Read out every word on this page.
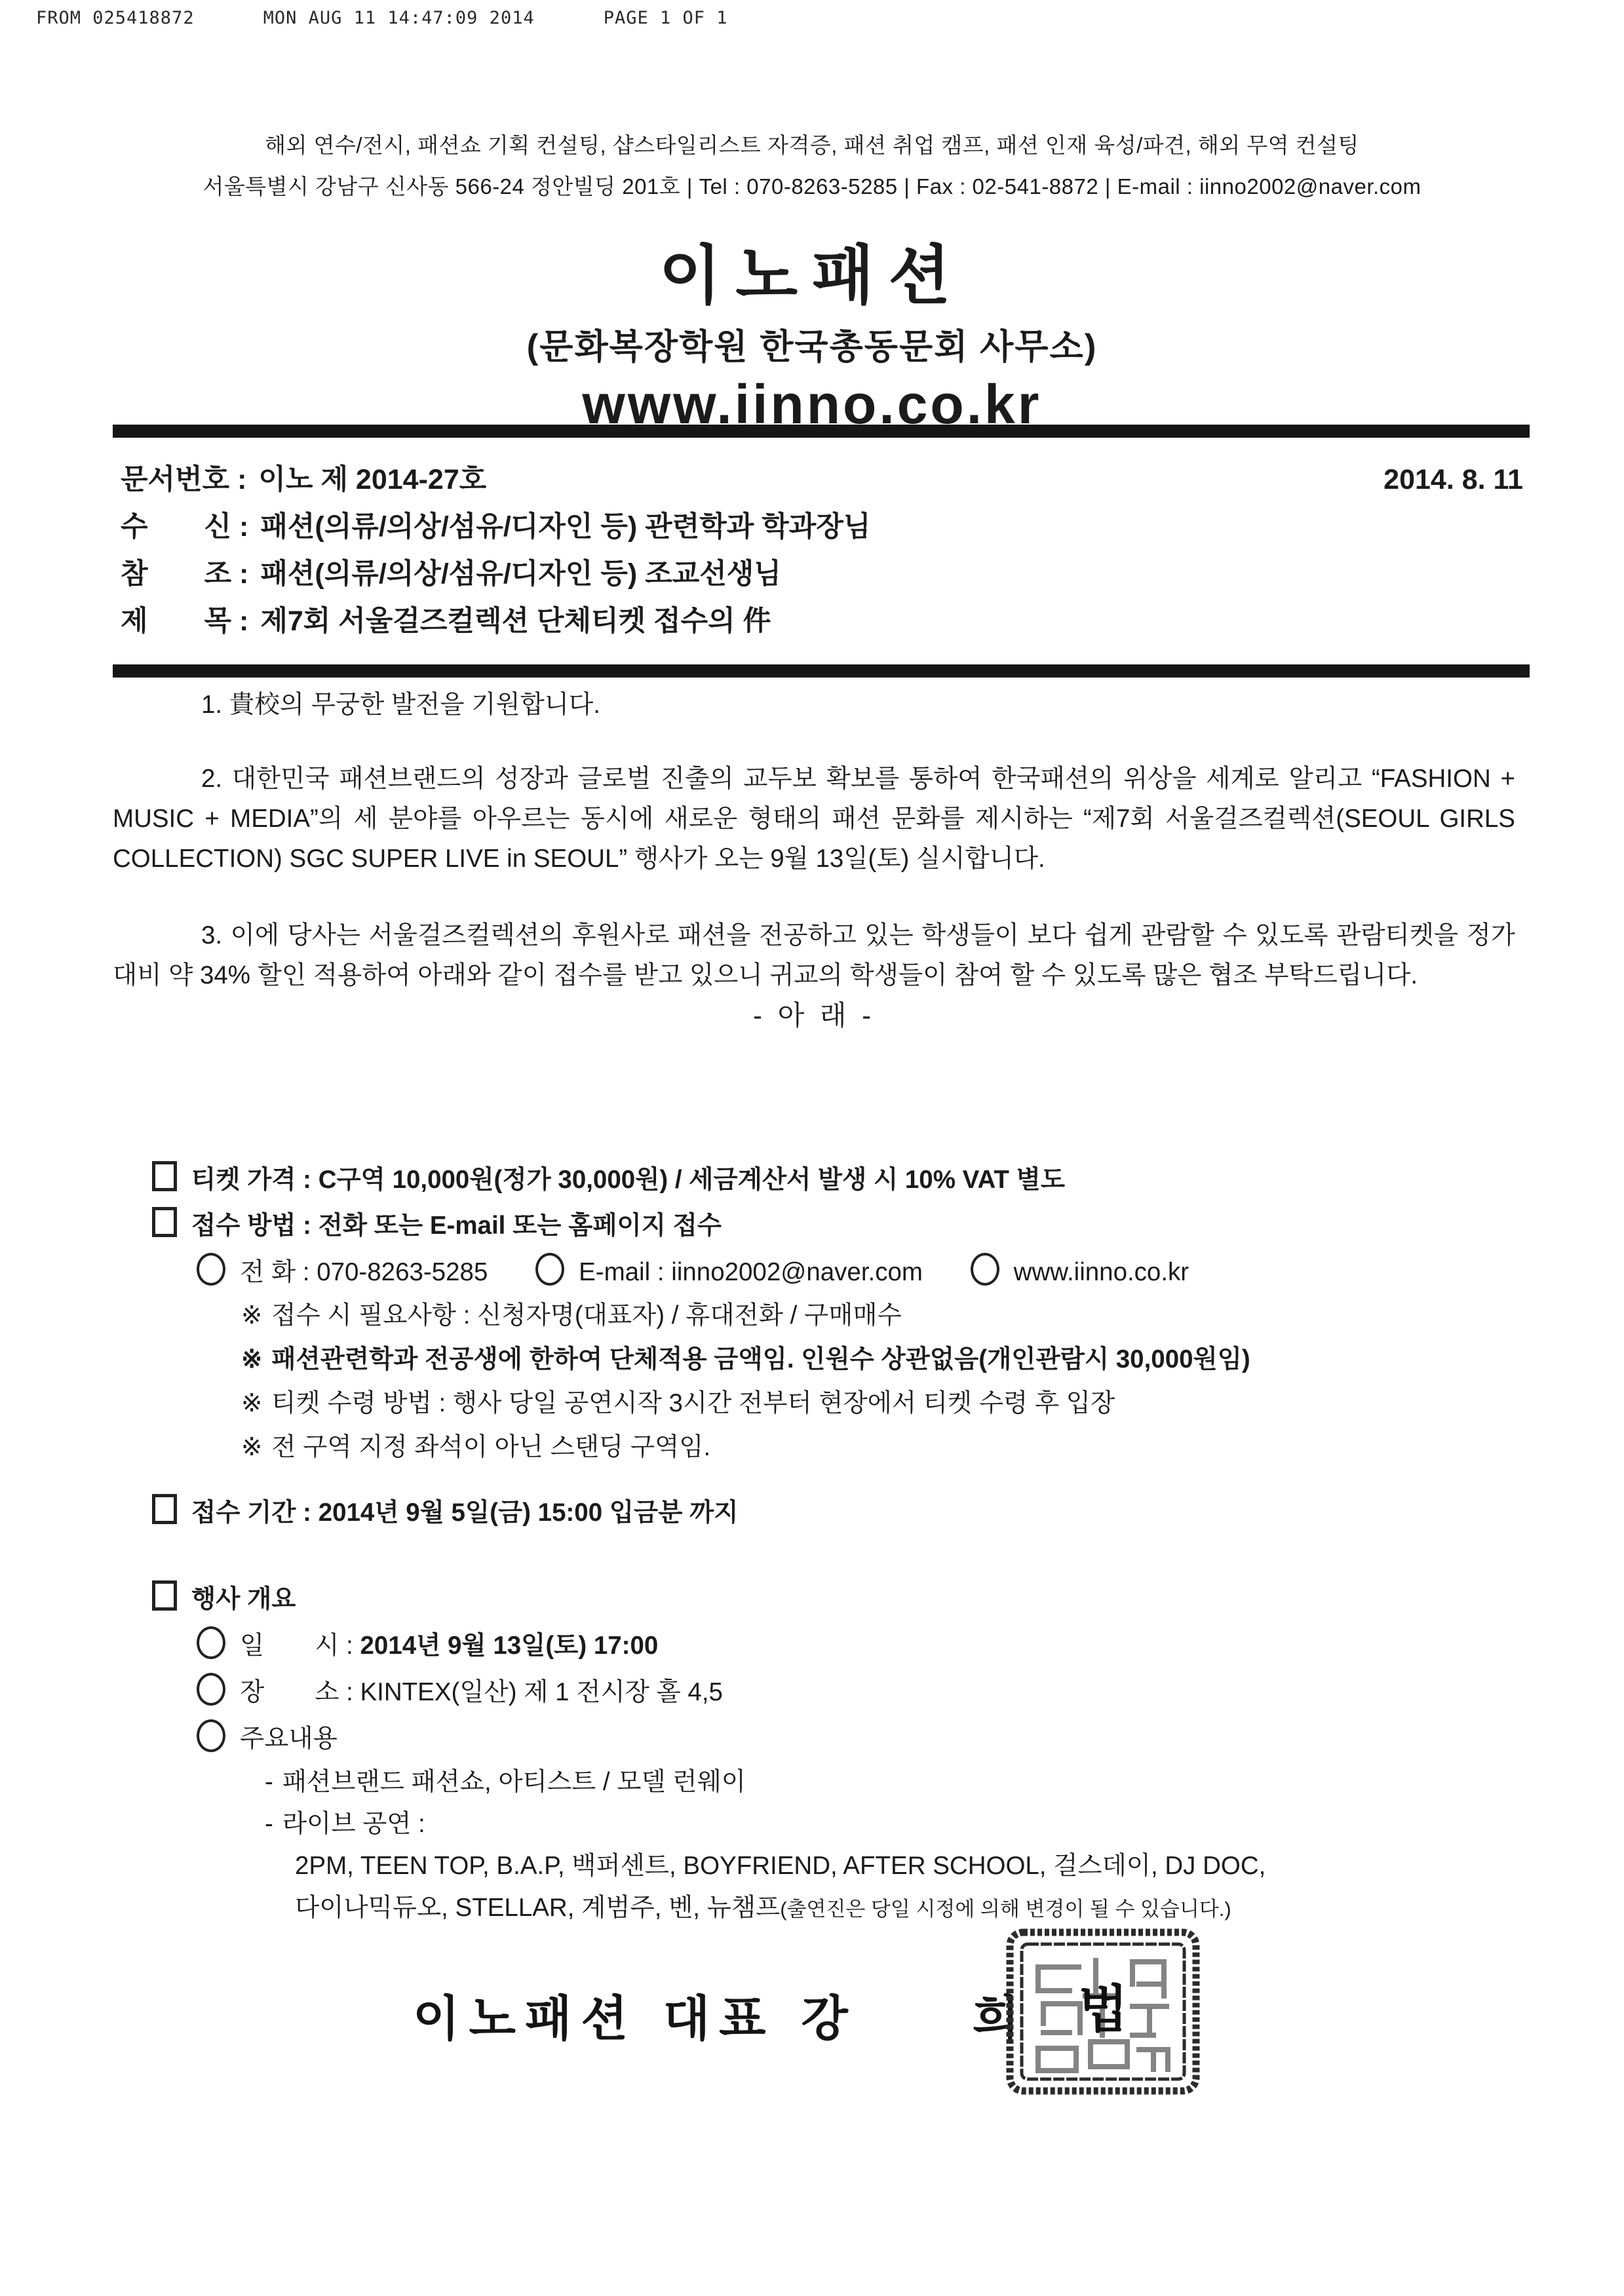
FROM 025418872	MON AUG 11 14:47:09 2014	PAGE 1 OF 1
해외 연수/전시, 패션쇼 기획 컨설팅, 샵스타일리스트 자격증, 패션 취업 캠프, 패션 인재 육성/파견, 해외 무역 컨설팅
서울특별시 강남구 신사동 566-24 정안빌딩 201호 | Tel : 070-8263-5285 | Fax : 02-541-8872 | E-mail : iinno2002@naver.com
이노패션
(문화복장학원 한국총동문회 사무소)
www.iinno.co.kr
문서번호 : 이노 제 2014-27호	2014. 8. 11
수　　신 : 패션(의류/의상/섬유/디자인 등) 관련학과 학과장님
참　　조 : 패션(의류/의상/섬유/디자인 등) 조교선생님
제　　목 : 제7회 서울걸즈컬렉션 단체티켓 접수의 件

1. 貴校의 무궁한 발전을 기원합니다.

2. 대한민국 패션브랜드의 성장과 글로벌 진출의 교두보 확보를 통하여 한국패션의 위상을 세계로 알리고 “FASHION + MUSIC + MEDIA”의 세 분야를 아우르는 동시에 새로운 형태의 패션 문화를 제시하는 “제7회 서울걸즈컬렉션(SEOUL GIRLS COLLECTION) SGC SUPER LIVE in SEOUL” 행사가 오는 9월 13일(토) 실시합니다.

3. 이에 당사는 서울걸즈컬렉션의 후원사로 패션을 전공하고 있는 학생들이 보다 쉽게 관람할 수 있도록 관람티켓을 정가대비 약 34% 할인 적용하여 아래와 같이 접수를 받고 있으니 귀교의 학생들이 참여 할 수 있도록 많은 협조 부탁드립니다.

- 아 래 -

티켓 가격 : C구역 10,000원(정가 30,000원) / 세금계산서 발생 시 10% VAT 별도
접수 방법 : 전화 또는 E-mail 또는 홈페이지 접수
전 화 : 070-8263-5285	E-mail : iinno2002@naver.com	www.iinno.co.kr
※ 접수 시 필요사항 : 신청자명(대표자) / 휴대전화 / 구매매수
※ 패션관련학과 전공생에 한하여 단체적용 금액임. 인원수 상관없음(개인관람시 30,000원임)
※ 티켓 수령 방법 : 행사 당일 공연시작 3시간 전부터 현장에서 티켓 수령 후 입장
※ 전 구역 지정 좌석이 아닌 스탠딩 구역임.
접수 기간 : 2014년 9월 5일(금) 15:00 입금분 까지
행사 개요
일　　시 : 2014년 9월 13일(토) 17:00
장　　소 : KINTEX(일산) 제 1 전시장 홀 4,5
주요내용
- 패션브랜드 패션쇼, 아티스트 / 모델 런웨이
- 라이브 공연 :
2PM, TEEN TOP, B.A.P, 백퍼센트, BOYFRIEND, AFTER SCHOOL, 걸스데이, DJ DOC,
다이나믹듀오, STELLAR, 계범주, 벤, 뉴챔프(출연진은 당일 시정에 의해 변경이 될 수 있습니다.)
이노패션 대표 강　　희 법
